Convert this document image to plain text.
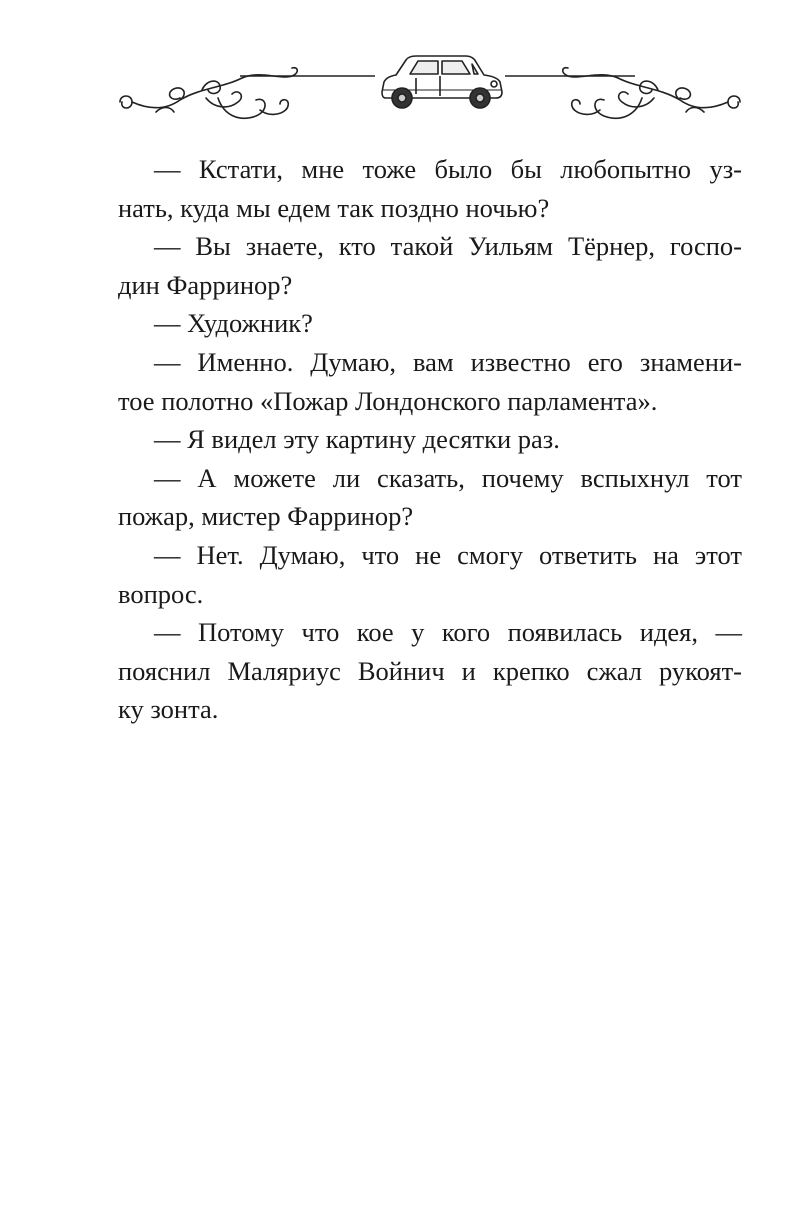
— Кстати, мне тоже было бы любопытно уз-
нать, куда мы едем так поздно ночью?
— Вы знаете, кто такой Уильям Тёрнер, госпо-
дин Фарринор?
— Художник?
— Именно. Думаю, вам известно его знамени-
тое полотно «Пожар Лондонского парламента».
— Я видел эту картину десятки раз.
— А можете ли сказать, почему вспыхнул тот
пожар, мистер Фарринор?
— Нет. Думаю, что не смогу ответить на этот
вопрос.
— Потому что кое у кого появилась идея, —
пояснил Маляриус Войнич и крепко сжал рукоят-
ку зонта.
